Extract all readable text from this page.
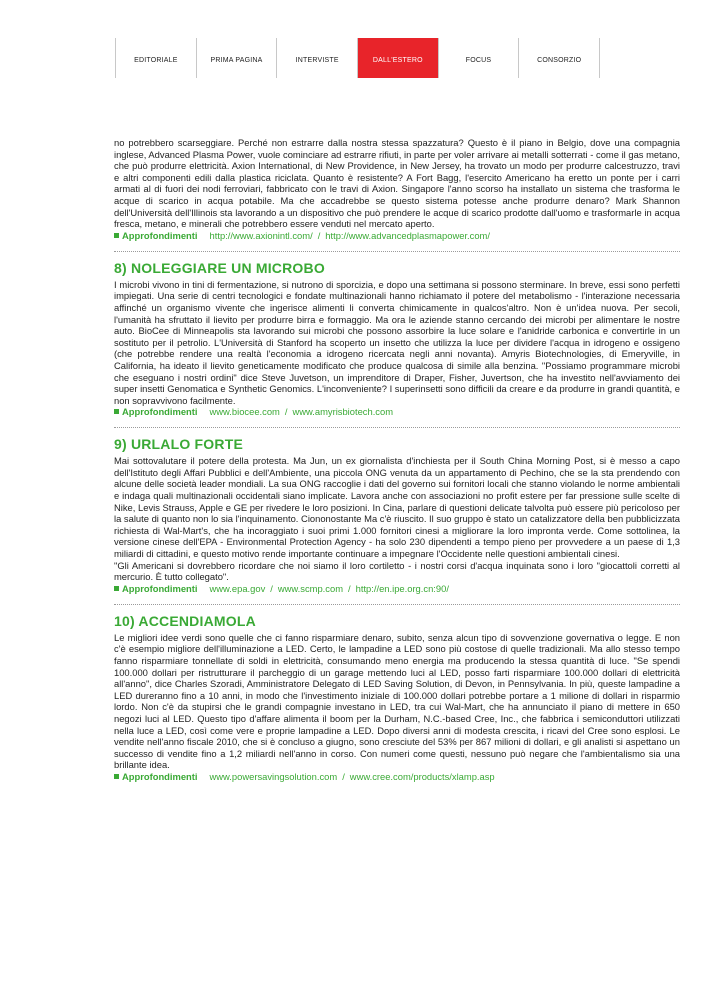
EDITORIALE	PRIMA PAGINA	INTERVISTE	DALL'ESTERO	FOCUS	CONSORZIO

no potrebbero scarseggiare. Perché non estrarre dalla nostra stessa spazzatura? Questo è il piano in Belgio, dove una compagnia inglese, Advanced Plasma Power, vuole cominciare ad estrarre rifiuti, in parte per voler arrivare ai metalli sotterrati - come il gas metano, che può produrre elettricità. Axion International, di New Providence, in New Jersey, ha trovato un modo per produrre calcestruzzo, travi e altri componenti edili dalla plastica riciclata. Quanto è resistente? A Fort Bagg, l'esercito Americano ha eretto un ponte per i carri armati al di fuori dei nodi ferroviari, fabbricato con le travi di Axion. Singapore l'anno scorso ha installato un sistema che trasforma le acque di scarico in acqua potabile. Ma che accadrebbe se questo sistema potesse anche produrre denaro? Mark Shannon dell'Università dell'Illinois sta lavorando a un dispositivo che può prendere le acque di scarico prodotte dall'uomo e trasformarle in acqua fresca, metano, e minerali che potrebbero essere venduti nel mercato aperto.

Approfondimenti http://www.axionintl.com/ / http://www.advancedplasmapower.com/
8) NOLEGGIARE UN MICROBO

I microbi vivono in tini di fermentazione, si nutrono di sporcizia, e dopo una settimana si possono sterminare. In breve, essi sono perfetti impiegati. Una serie di centri tecnologici e fondate multinazionali hanno richiamato il potere del metabolismo - l'interazione necessaria affinché un organismo vivente che ingerisce alimenti li converta chimicamente in qualcos'altro. Non è un'idea nuova. Per secoli, l'umanità ha sfruttato il lievito per produrre birra e formaggio. Ma ora le aziende stanno cercando dei microbi per alimentare le nostre auto. BioCee di Minneapolis sta lavorando sui microbi che possono assorbire la luce solare e l'anidride carbonica e convertirle in un sostituto per il petrolio. L'Università di Stanford ha scoperto un insetto che utilizza la luce per dividere l'acqua in idrogeno e ossigeno (che potrebbe rendere una realtà l'economia a idrogeno ricercata negli anni novanta). Amyris Biotechnologies, di Emeryville, in California, ha ideato il lievito geneticamente modificato che produce qualcosa di simile alla benzina. "Possiamo programmare microbi che eseguano i nostri ordini" dice Steve Juvetson, un imprenditore di Draper, Fisher, Juvertson, che ha investito nell'avviamento dei super insetti Genomatica e Synthetic Genomics. L'inconveniente? I superinsetti sono difficili da creare e da produrre in grandi quantità, e non sopravvivono facilmente.

Approfondimenti www.biocee.com / www.amyrisbiotech.com
9) URLALO FORTE

Mai sottovalutare il potere della protesta. Ma Jun, un ex giornalista d'inchiesta per il South China Morning Post, si è messo a capo dell'Istituto degli Affari Pubblici e dell'Ambiente, una piccola ONG venuta da un appartamento di Pechino, che se la sta prendendo con alcune delle società leader mondiali. La sua ONG raccoglie i dati del governo sui fornitori locali che stanno violando le norme ambientali e indaga quali multinazionali occidentali siano implicate. Lavora anche con associazioni no profit estere per far pressione sulle scelte di Nike, Levis Strauss, Apple e GE per rivedere le loro posizioni. In Cina, parlare di questioni delicate talvolta può essere più pericoloso per la salute di quanto non lo sia l'inquinamento. Ciononostante Ma c'è riuscito. Il suo gruppo è stato un catalizzatore della ben pubblicizzata richiesta di Wal-Mart's, che ha incoraggiato i suoi primi 1.000 fornitori cinesi a migliorare la loro impronta verde. Come sottolinea, la versione cinese dell'EPA - Environmental Protection Agency - ha solo 230 dipendenti a tempo pieno per provvedere a un paese di 1,3 miliardi di cittadini, e questo motivo rende importante continuare a impegnare l'Occidente nelle questioni ambientali cinesi.
"Gli Americani si dovrebbero ricordare che noi siamo il loro cortiletto - i nostri corsi d'acqua inquinata sono i loro "giocattoli corretti al mercurio. È tutto collegato".

Approfondimenti www.epa.gov / www.scmp.com / http://en.ipe.org.cn:90/
10) ACCENDIAMOLA

Le migliori idee verdi sono quelle che ci fanno risparmiare denaro, subito, senza alcun tipo di sovvenzione governativa o legge. E non c'è esempio migliore dell'illuminazione a LED. Certo, le lampadine a LED sono più costose di quelle tradizionali. Ma allo stesso tempo fanno risparmiare tonnellate di soldi in elettricità, consumando meno energia ma producendo la stessa quantità di luce. "Se spendi 100.000 dollari per ristrutturare il parcheggio di un garage mettendo luci al LED, posso farti risparmiare 100.000 dollari di elettricità all'anno", dice Charles Szoradi, Amministratore Delegato di LED Saving Solution, di Devon, in Pennsylvania. In più, queste lampadine a LED dureranno fino a 10 anni, in modo che l'investimento iniziale di 100.000 dollari potrebbe portare a 1 milione di dollari in risparmio lordo. Non c'è da stupirsi che le grandi compagnie investano in LED, tra cui Wal-Mart, che ha annunciato il piano di mettere in 650 negozi luci al LED. Questo tipo d'affare alimenta il boom per la Durham, N.C.-based Cree, Inc., che fabbrica i semiconduttori utilizzati nella luce a LED, così come vere e proprie lampadine a LED. Dopo diversi anni di modesta crescita, i ricavi del Cree sono esplosi. Le vendite nell'anno fiscale 2010, che si è concluso a giugno, sono cresciute del 53% per 867 milioni di dollari, e gli analisti si aspettano un successo di vendite fino a 1,2 miliardi nell'anno in corso. Con numeri come questi, nessuno può negare che l'ambientalismo sia una brillante idea.

Approfondimenti www.powersavingsolution.com / www.cree.com/products/xlamp.asp
